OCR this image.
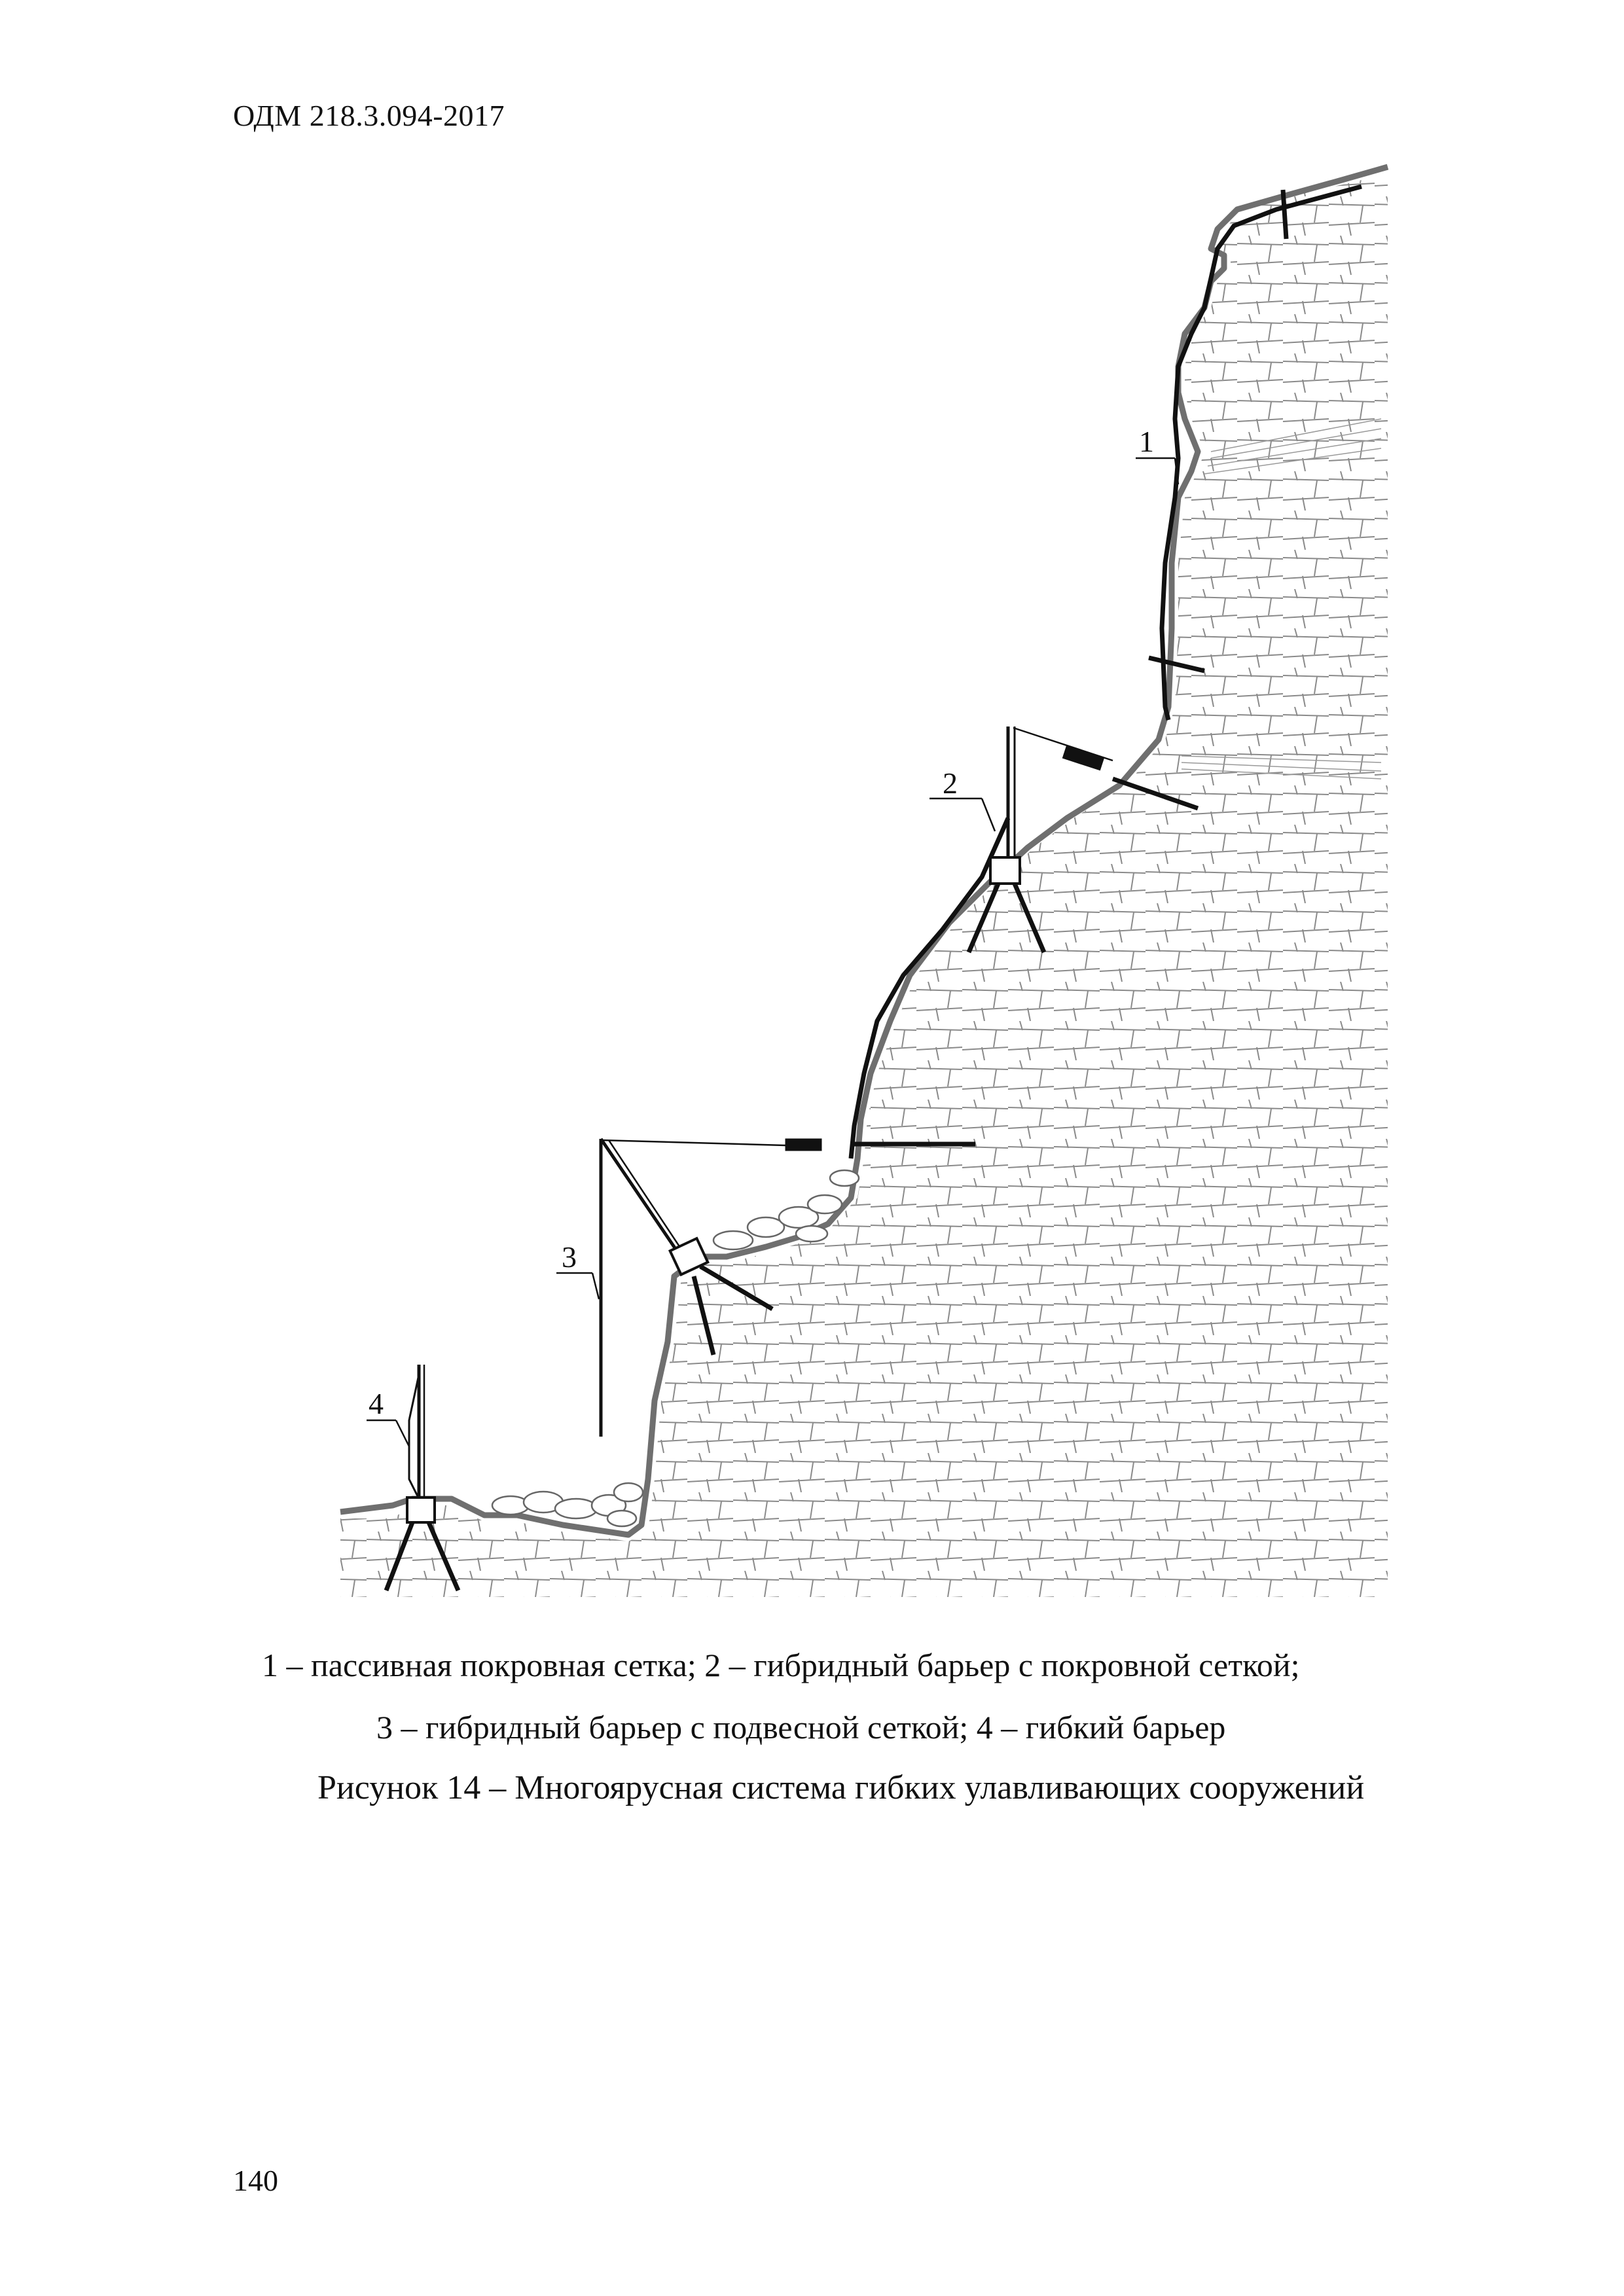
ОДМ 218.3.094-2017
1
2
3
4
1 – пассивная покровная сетка; 2 – гибридный барьер с покровной сеткой;
3 – гибридный барьер с подвесной сеткой; 4 – гибкий барьер
Рисунок 14 – Многоярусная система гибких улавливающих сооружений
140
